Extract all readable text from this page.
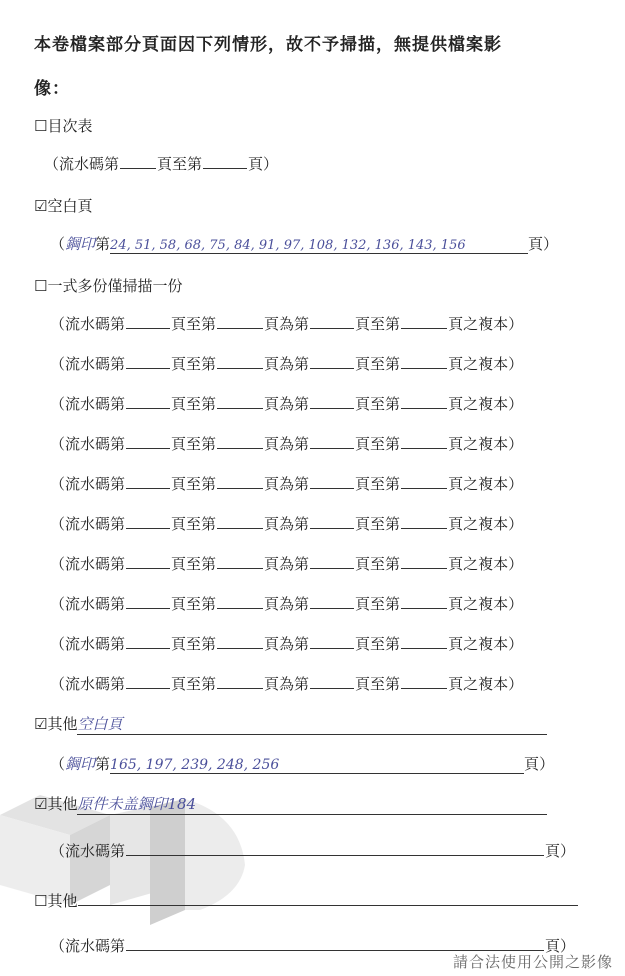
本卷檔案部分頁面因下列情形，故不予掃描，無提供檔案影
像：
☐目次表
（流水碼第	頁至第	頁）
☑空白頁
（鋼印第24, 51, 58, 68, 75, 84, 91, 97, 108, 132, 136, 143, 156	頁）
☐一式多份僅掃描一份
（流水碼第	頁至第	頁為第	頁至第	頁之複本）
（流水碼第	頁至第	頁為第	頁至第	頁之複本）
（流水碼第	頁至第	頁為第	頁至第	頁之複本）
（流水碼第	頁至第	頁為第	頁至第	頁之複本）
（流水碼第	頁至第	頁為第	頁至第	頁之複本）
（流水碼第	頁至第	頁為第	頁至第	頁之複本）
（流水碼第	頁至第	頁為第	頁至第	頁之複本）
（流水碼第	頁至第	頁為第	頁至第	頁之複本）
（流水碼第	頁至第	頁為第	頁至第	頁之複本）
（流水碼第	頁至第	頁為第	頁至第	頁之複本）
☑其他空白頁
（鋼印第165, 197, 239, 248, 256	頁）
☑其他原件未盖鋼印184
（流水碼第	頁）
☐其他
（流水碼第	頁）
請合法使用公開之影像
